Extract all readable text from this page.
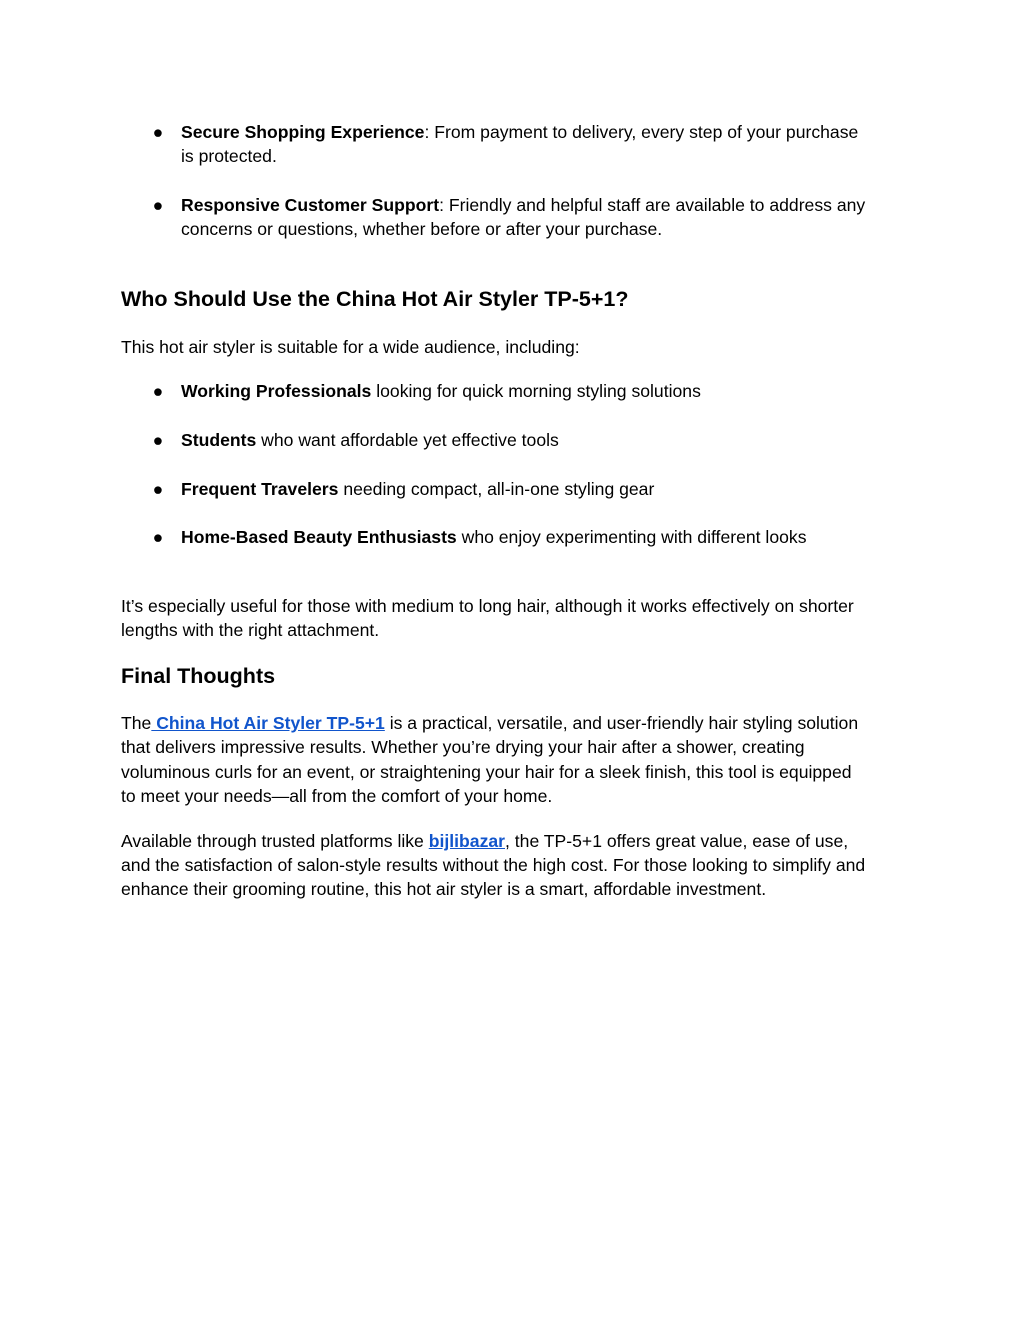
● Secure Shopping Experience: From payment to delivery, every step of your purchase

is protected.

● Responsive Customer Support: Friendly and helpful staff are available to address any

concerns or questions, whether before or after your purchase.

Who Should Use the China Hot Air Styler TP-5+1?

This hot air styler is suitable for a wide audience, including:

● Working Professionals looking for quick morning styling solutions

● Students who want affordable yet effective tools

● Frequent Travelers needing compact, all-in-one styling gear

● Home-Based Beauty Enthusiasts who enjoy experimenting with different looks

It’s especially useful for those with medium to long hair, although it works effectively on shorter

lengths with the right attachment.

Final Thoughts

The China Hot Air Styler TP-5+1 is a practical, versatile, and user-friendly hair styling solution

that delivers impressive results. Whether you’re drying your hair after a shower, creating

voluminous curls for an event, or straightening your hair for a sleek finish, this tool is equipped

to meet your needs—all from the comfort of your home.

Available through trusted platforms like bijlibazar, the TP-5+1 offers great value, ease of use,

and the satisfaction of salon-style results without the high cost. For those looking to simplify and

enhance their grooming routine, this hot air styler is a smart, affordable investment.
